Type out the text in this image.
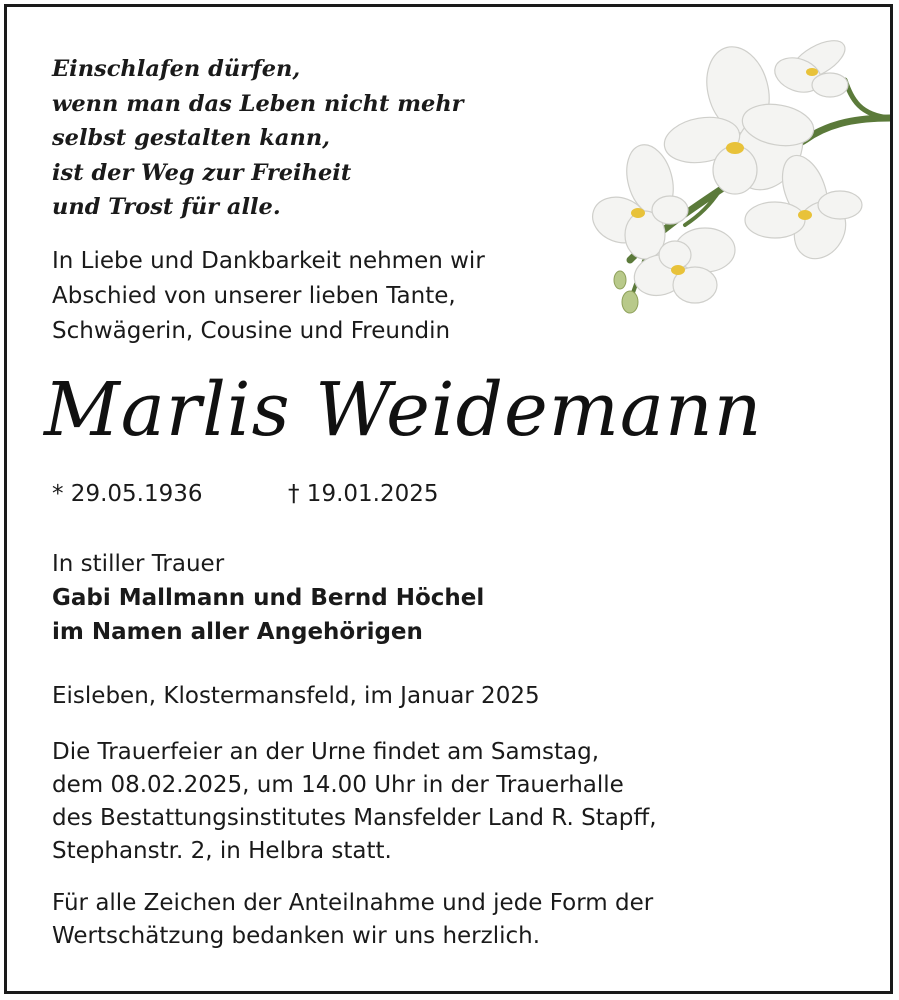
Einschlafen dürfen,
wenn man das Leben nicht mehr
selbst gestalten kann,
ist der Weg zur Freiheit
und Trost für alle.

In Liebe und Dankbarkeit nehmen wir
Abschied von unserer lieben Tante,
Schwägerin, Cousine und Freundin

Marlis Weidemann

* 29.05.1936	† 19.01.2025

In stiller Trauer
Gabi Mallmann und Bernd Höchel
im Namen aller Angehörigen

Eisleben, Klostermansfeld, im Januar 2025

Die Trauerfeier an der Urne findet am Samstag,
dem 08.02.2025, um 14.00 Uhr in der Trauerhalle
des Bestattungsinstitutes Mansfelder Land R. Stapff,
Stephanstr. 2, in Helbra statt.

Für alle Zeichen der Anteilnahme und jede Form der
Wertschätzung bedanken wir uns herzlich.
